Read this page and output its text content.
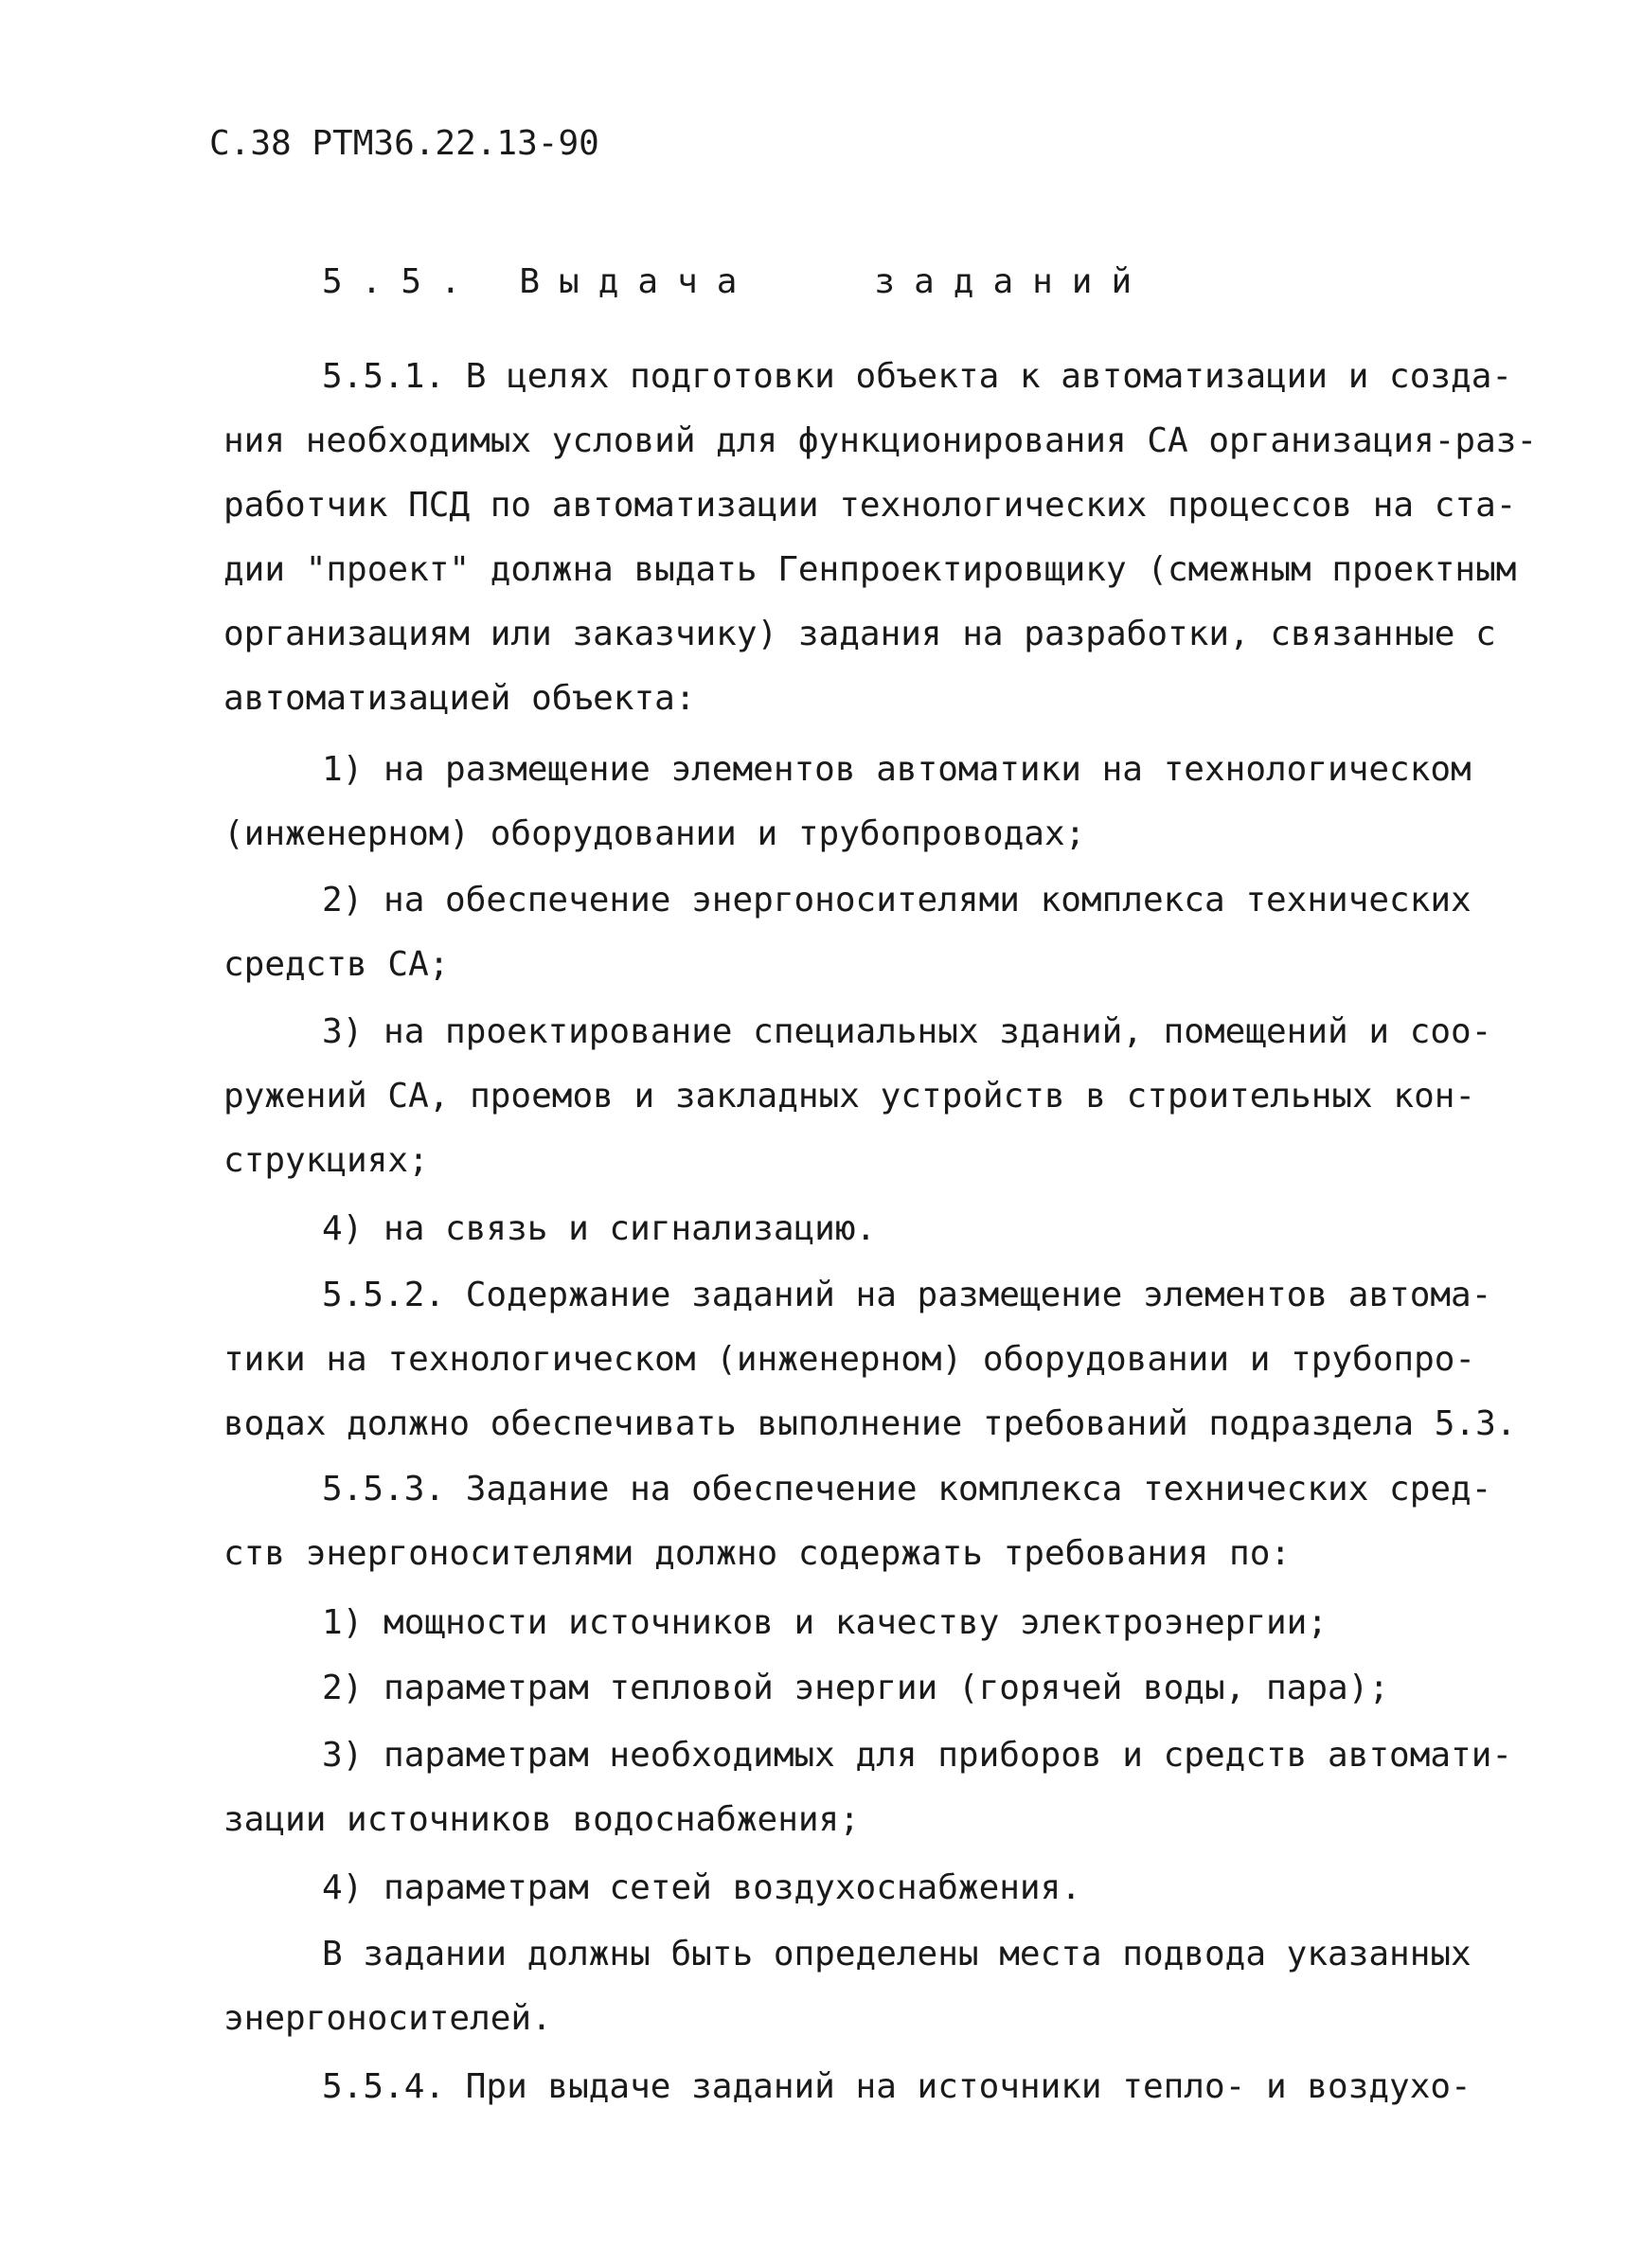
С.38 РТМ36.22.13-90
5.5. Выдача   заданий
5.5.1. В целях подготовки объекта к автоматизации и созда-
ния необходимых условий для функционирования СА организация-раз-
работчик ПСД по автоматизации технологических процессов на ста-
дии "проект" должна выдать Генпроектировщику (смежным проектным
организациям или заказчику) задания на разработки, связанные с
автоматизацией объекта:
1) на размещение элементов автоматики на технологическом
(инженерном) оборудовании и трубопроводах;
2) на обеспечение энергоносителями комплекса технических
средств СА;
3) на проектирование специальных зданий, помещений и соо-
ружений СА, проемов и закладных устройств в строительных кон-
струкциях;
4) на связь и сигнализацию.
5.5.2. Содержание заданий на размещение элементов автома-
тики на технологическом (инженерном) оборудовании и трубопро-
водах должно обеспечивать выполнение требований подраздела 5.3.
5.5.3. Задание на обеспечение комплекса технических сред-
ств энергоносителями должно содержать требования по:
1) мощности источников и качеству электроэнергии;
2) параметрам тепловой энергии (горячей воды, пара);
3) параметрам необходимых для приборов и средств автомати-
зации источников водоснабжения;
4) параметрам сетей воздухоснабжения.
В задании должны быть определены места подвода указанных
энергоносителей.
5.5.4. При выдаче заданий на источники тепло- и воздухо-
